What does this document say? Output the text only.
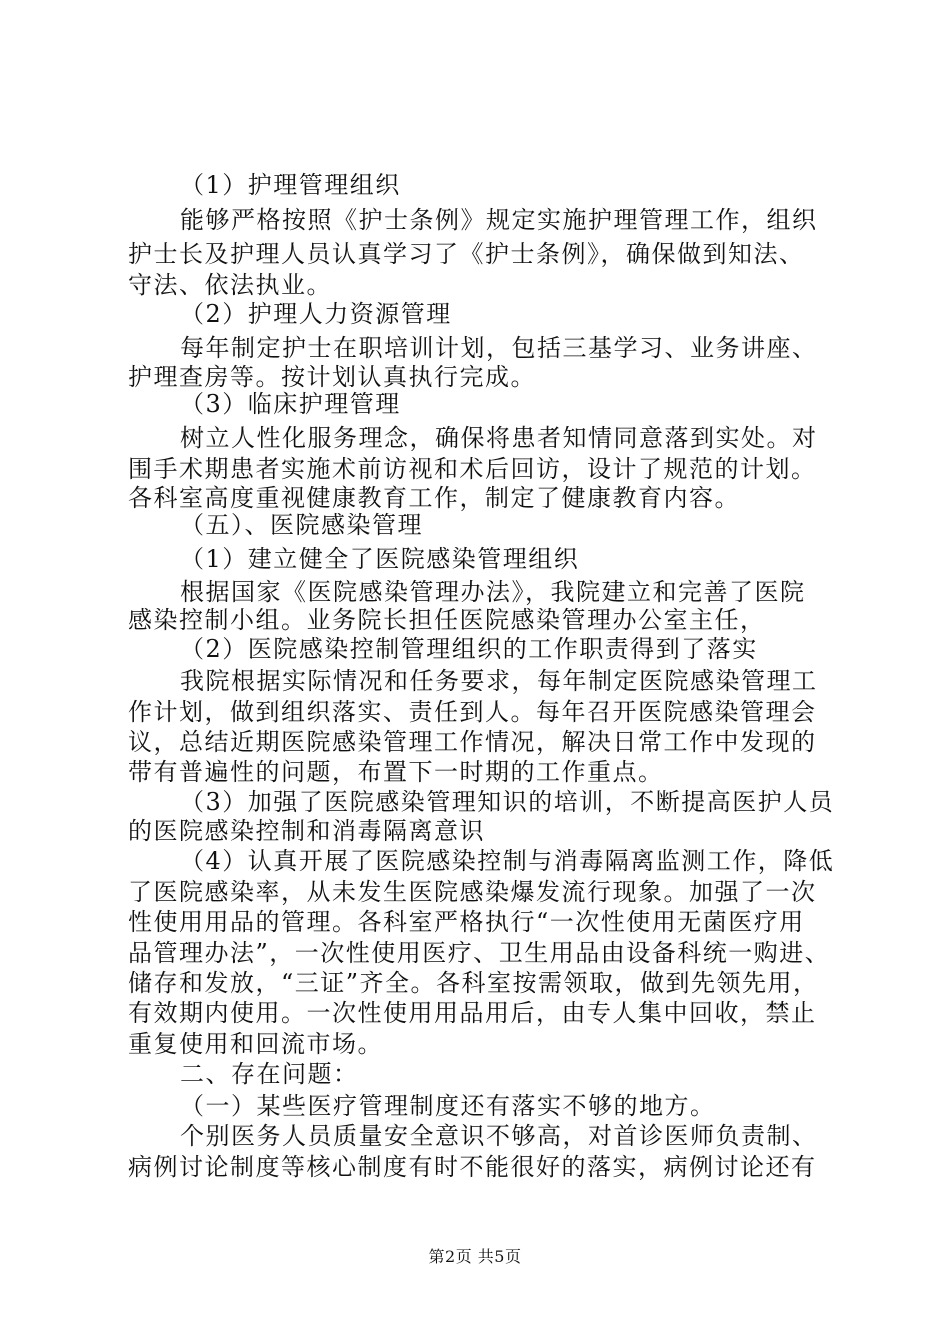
（1）护理管理组织
能够严格按照《护士条例》规定实施护理管理工作，组织
护士长及护理人员认真学习了《护士条例》，确保做到知法、
守法、依法执业。
（2）护理人力资源管理
每年制定护士在职培训计划，包括三基学习、业务讲座、
护理查房等。按计划认真执行完成。
（3）临床护理管理
树立人性化服务理念，确保将患者知情同意落到实处。对
围手术期患者实施术前访视和术后回访，设计了规范的计划。
各科室高度重视健康教育工作，制定了健康教育内容。
（五）、医院感染管理
（1）建立健全了医院感染管理组织
根据国家《医院感染管理办法》，我院建立和完善了医院
感染控制小组。业务院长担任医院感染管理办公室主任，
（2）医院感染控制管理组织的工作职责得到了落实
我院根据实际情况和任务要求，每年制定医院感染管理工
作计划，做到组织落实、责任到人。每年召开医院感染管理会
议，总结近期医院感染管理工作情况，解决日常工作中发现的
带有普遍性的问题，布置下一时期的工作重点。
（3）加强了医院感染管理知识的培训，不断提高医护人员
的医院感染控制和消毒隔离意识
（4）认真开展了医院感染控制与消毒隔离监测工作，降低
了医院感染率，从未发生医院感染爆发流行现象。加强了一次
性使用用品的管理。各科室严格执行“一次性使用无菌医疗用
品管理办法”，一次性使用医疗、卫生用品由设备科统一购进、
储存和发放，“三证”齐全。各科室按需领取，做到先领先用，
有效期内使用。一次性使用用品用后，由专人集中回收，禁止
重复使用和回流市场。
二、存在问题：
（一）某些医疗管理制度还有落实不够的地方。
个别医务人员质量安全意识不够高，对首诊医师负责制、
病例讨论制度等核心制度有时不能很好的落实，病例讨论还有
第2页 共5页
